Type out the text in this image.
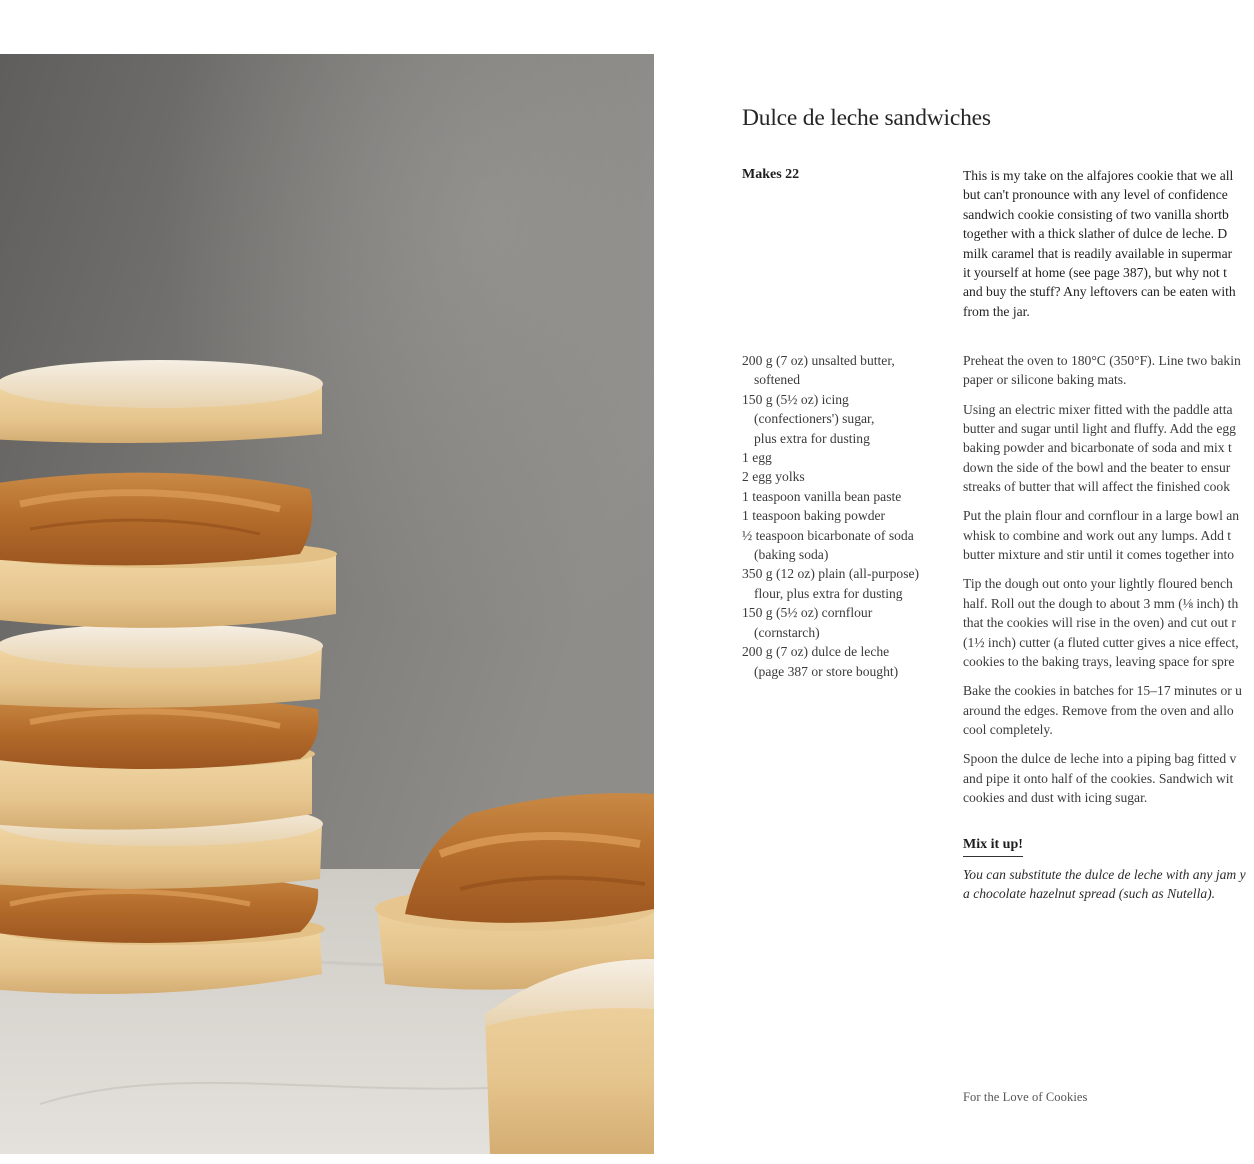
Dulce de leche sandwiches
Makes 22	This is my take on the alfajores cookie that we all
but can't pronounce with any level of confidence
sandwich cookie consisting of two vanilla shortb
together with a thick slather of dulce de leche. D
milk caramel that is readily available in supermar
it yourself at home (see page 387), but why not t
and buy the stuff? Any leftovers can be eaten with
from the jar.

200 g (7 oz) unsalted butter,
softened
150 g (5½ oz) icing
(confectioners') sugar,
plus extra for dusting
1 egg
2 egg yolks
1 teaspoon vanilla bean paste
1 teaspoon baking powder
½ teaspoon bicarbonate of soda
(baking soda)
350 g (12 oz) plain (all-purpose)
flour, plus extra for dusting
150 g (5½ oz) cornflour
(cornstarch)
200 g (7 oz) dulce de leche
(page 387 or store bought)

Preheat the oven to 180°C (350°F). Line two bakin
paper or silicone baking mats.

Using an electric mixer fitted with the paddle atta
butter and sugar until light and fluffy. Add the egg
baking powder and bicarbonate of soda and mix t
down the side of the bowl and the beater to ensur
streaks of butter that will affect the finished cook

Put the plain flour and cornflour in a large bowl an
whisk to combine and work out any lumps. Add t
butter mixture and stir until it comes together into

Tip the dough out onto your lightly floured bench
half. Roll out the dough to about 3 mm (⅛ inch) th
that the cookies will rise in the oven) and cut out r
(1½ inch) cutter (a fluted cutter gives a nice effect,
cookies to the baking trays, leaving space for spre

Bake the cookies in batches for 15–17 minutes or u
around the edges. Remove from the oven and allo
cool completely.

Spoon the dulce de leche into a piping bag fitted v
and pipe it onto half of the cookies. Sandwich wit
cookies and dust with icing sugar.

Mix it up!

You can substitute the dulce de leche with any jam y
a chocolate hazelnut spread (such as Nutella).

For the Love of Cookies
